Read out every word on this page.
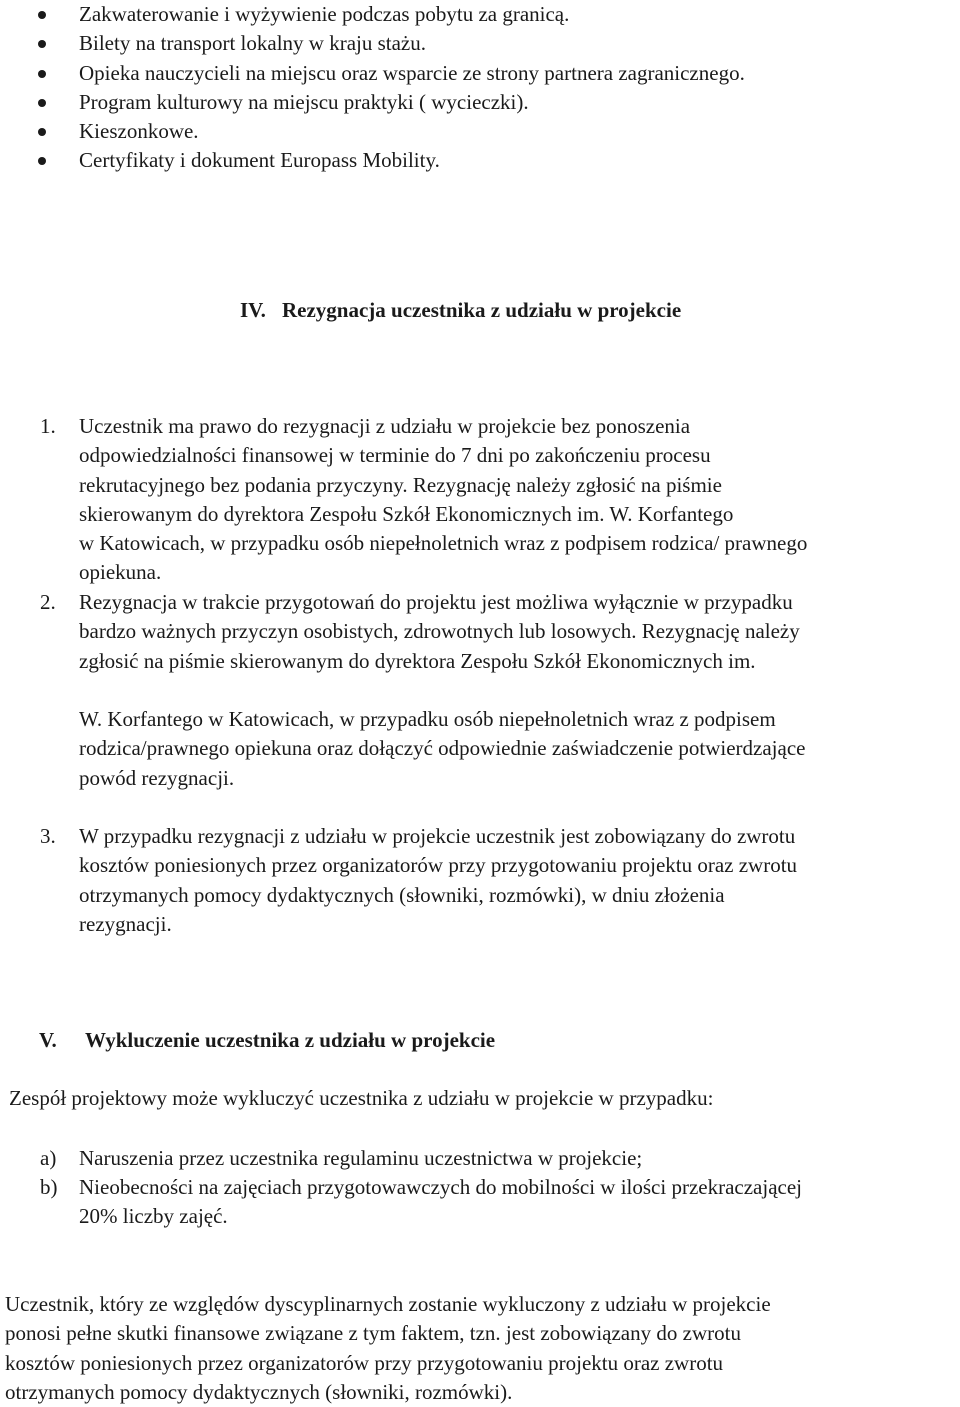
Zakwaterowanie i wyżywienie podczas pobytu za granicą.
Bilety na transport lokalny w kraju stażu.
Opieka nauczycieli na miejscu oraz wsparcie ze strony partnera zagranicznego.
Program kulturowy na miejscu praktyki ( wycieczki).
Kieszonkowe.
Certyfikaty i dokument Europass Mobility.
IV. Rezygnacja uczestnika z udziału w projekcie
1. Uczestnik ma prawo do rezygnacji z udziału w projekcie bez ponoszenia
odpowiedzialności finansowej w terminie do 7 dni po zakończeniu procesu
rekrutacyjnego bez podania przyczyny. Rezygnację należy zgłosić na piśmie
skierowanym do dyrektora Zespołu Szkół Ekonomicznych im. W. Korfantego
w Katowicach, w przypadku osób niepełnoletnich wraz z podpisem rodzica/ prawnego
opiekuna.
2. Rezygnacja w trakcie przygotowań do projektu jest możliwa wyłącznie w przypadku
bardzo ważnych przyczyn osobistych, zdrowotnych lub losowych. Rezygnację należy
zgłosić na piśmie skierowanym do dyrektora Zespołu Szkół Ekonomicznych im.
W. Korfantego w Katowicach, w przypadku osób niepełnoletnich wraz z podpisem
rodzica/prawnego opiekuna oraz dołączyć odpowiednie zaświadczenie potwierdzające
powód rezygnacji.
3. W przypadku rezygnacji z udziału w projekcie uczestnik jest zobowiązany do zwrotu
kosztów poniesionych przez organizatorów przy przygotowaniu projektu oraz zwrotu
otrzymanych pomocy dydaktycznych (słowniki, rozmówki), w dniu złożenia
rezygnacji.
V. Wykluczenie uczestnika z udziału w projekcie
Zespół projektowy może wykluczyć uczestnika z udziału w projekcie w przypadku:
a) Naruszenia przez uczestnika regulaminu uczestnictwa w projekcie;
b) Nieobecności na zajęciach przygotowawczych do mobilności w ilości przekraczającej
20% liczby zajęć.
Uczestnik, który ze względów dyscyplinarnych zostanie wykluczony z udziału w projekcie
ponosi pełne skutki finansowe związane z tym faktem, tzn. jest zobowiązany do zwrotu
kosztów poniesionych przez organizatorów przy przygotowaniu projektu oraz zwrotu
otrzymanych pomocy dydaktycznych (słowniki, rozmówki).
